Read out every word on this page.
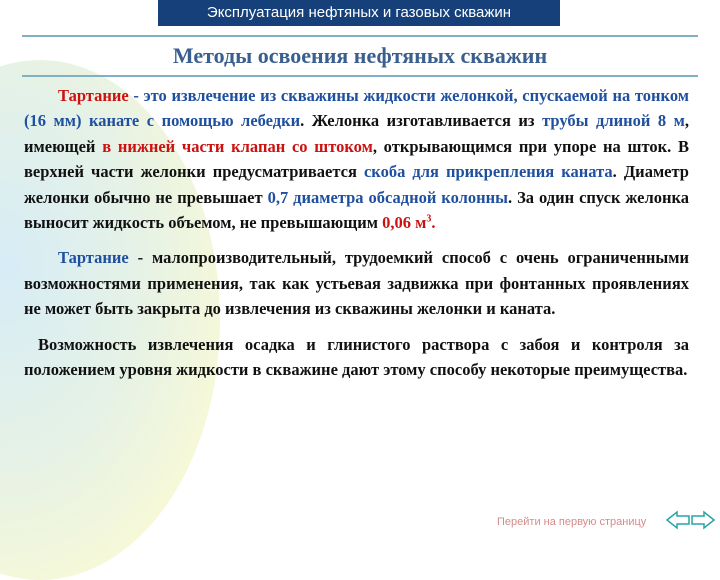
Эксплуатация нефтяных и газовых скважин
Методы освоения нефтяных скважин

Тартание - это извлечение из скважины жидкости желонкой, спускаемой на тонком (16 мм) канате с помощью лебедки. Желонка изготавливается из трубы длиной 8 м, имеющей в нижней части клапан со штоком, открывающимся при упоре на шток. В верхней части желонки предусматривается скоба для прикрепления каната. Диаметр желонки обычно не превышает 0,7 диаметра обсадной колонны. За один спуск желонка выносит жидкость объемом, не превышающим 0,06 $м^3$.

Тартание - малопроизводительный, трудоемкий способ с очень ограниченными возможностями применения, так как устьевая задвижка при фонтанных проявлениях не может быть закрыта до извлечения из скважины желонки и каната.

Возможность извлечения осадка и глинистого раствора с забоя и контроля за положением уровня жидкости в скважине дают этому способу некоторые преимущества.

Перейти на первую страницу
